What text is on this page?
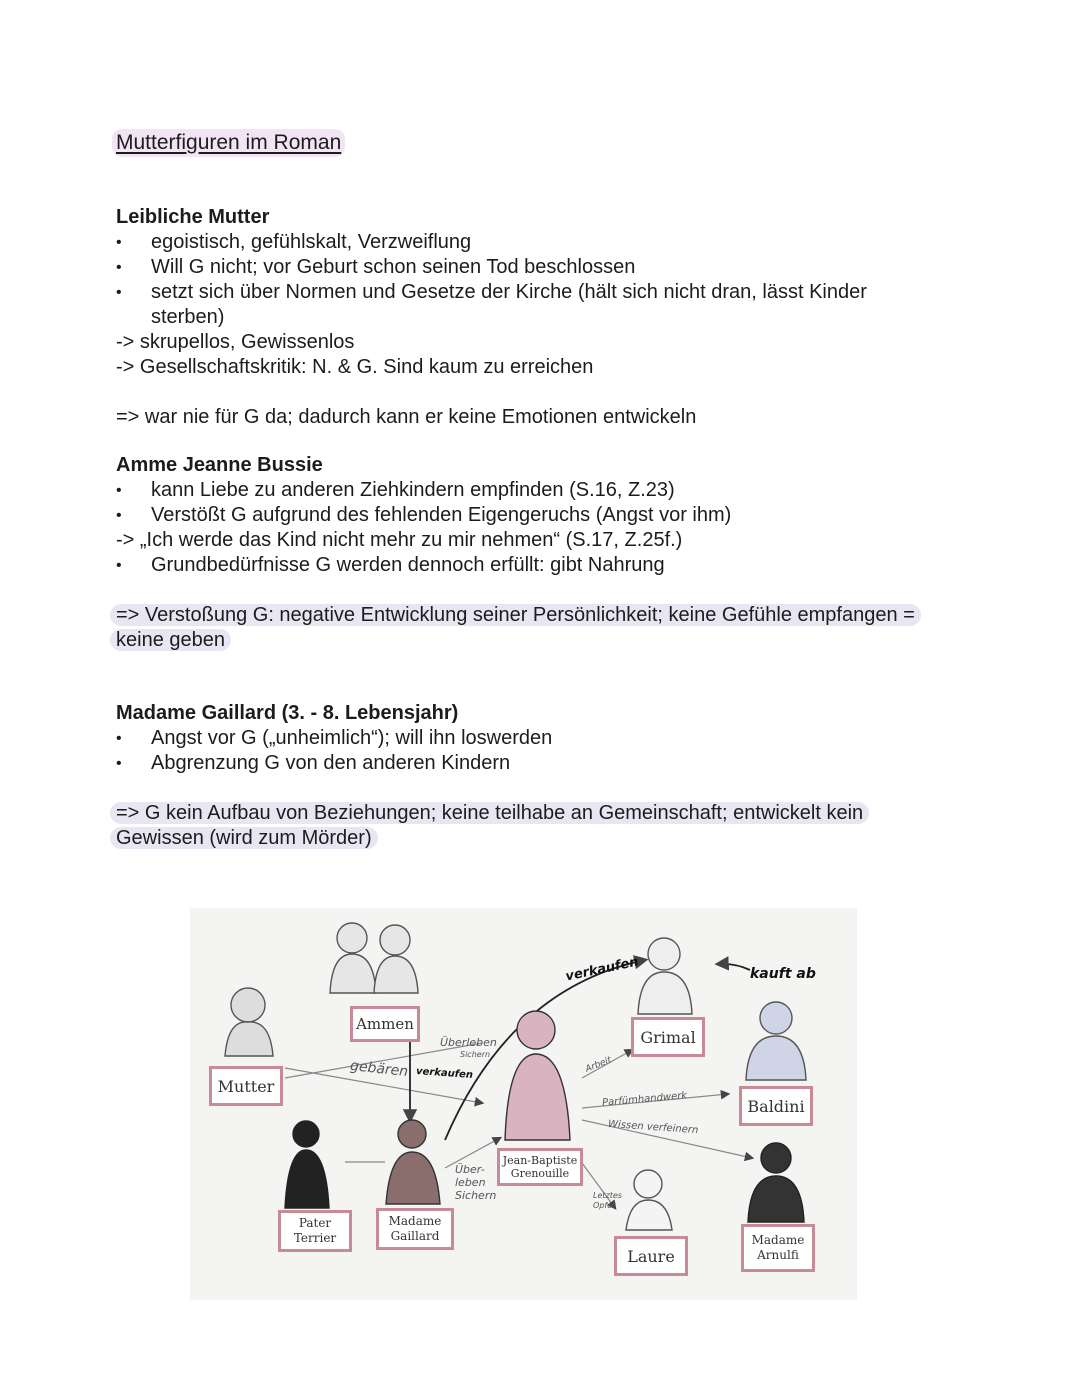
Mutterfiguren im Roman
Leibliche Mutter
• egoistisch, gefühlskalt, Verzweiflung
• Will G nicht; vor Geburt schon seinen Tod beschlossen
• setzt sich über Normen und Gesetze der Kirche (hält sich nicht dran, lässt Kinder sterben)
-> skrupellos, Gewissenlos
-> Gesellschaftskritik: N. & G. Sind kaum zu erreichen
=> war nie für G da; dadurch kann er keine Emotionen entwickeln
Amme Jeanne Bussie
• kann Liebe zu anderen Ziehkindern empfinden (S.16, Z.23)
• Verstößt G aufgrund des fehlenden Eigengeruchs (Angst vor ihm)
-> „Ich werde das Kind nicht mehr zu mir nehmen“ (S.17, Z.25f.)
• Grundbedürfnisse G werden dennoch erfüllt: gibt Nahrung
=> Verstoßung G: negative Entwicklung seiner Persönlichkeit; keine Gefühle empfangen = keine geben
Madame Gaillard (3. - 8. Lebensjahr)
• Angst vor G („unheimlich“); will ihn loswerden
• Abgrenzung G von den anderen Kindern
=> G kein Aufbau von Beziehungen; keine teilhabe an Gemeinschaft; entwickelt kein Gewissen (wird zum Mörder)
Ammen
Mutter
Grimal
Baldini
Jean-Baptiste
Grenouille
Pater
Terrier
Madame
Gaillard
Laure
Madame
Arnulfi
gebären verkaufen
Überleben
Sichern
verkaufen	kauft ab
Arbeit
Parfümhandwerk
Wissen verfeinern
Über-
leben
Sichern	Letztes
Opfer
